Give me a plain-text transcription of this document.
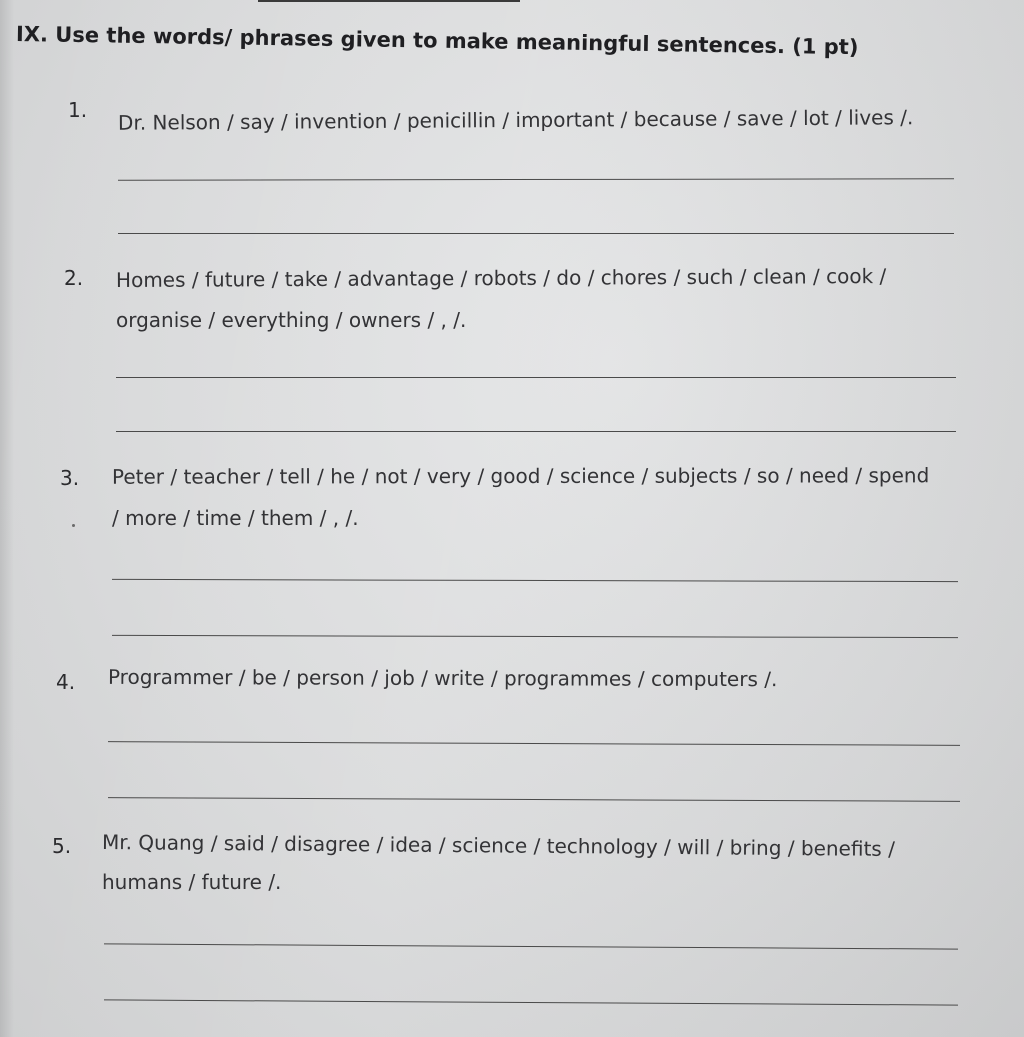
IX. Use the words/ phrases given to make meaningful sentences. (1 pt)
1. Dr. Nelson / say / invention / penicillin / important / because / save / lot / lives /.
2. Homes / future / take / advantage / robots / do / chores / such / clean / cook /
organise / everything / owners / , /.
3. Peter / teacher / tell / he / not / very / good / science / subjects / so / need / spend
/ more / time / them / , /.
4. Programmer / be / person / job / write / programmes / computers /.
5. Mr. Quang / said / disagree / idea / science / technology / will / bring / benefits /
humans / future /.
